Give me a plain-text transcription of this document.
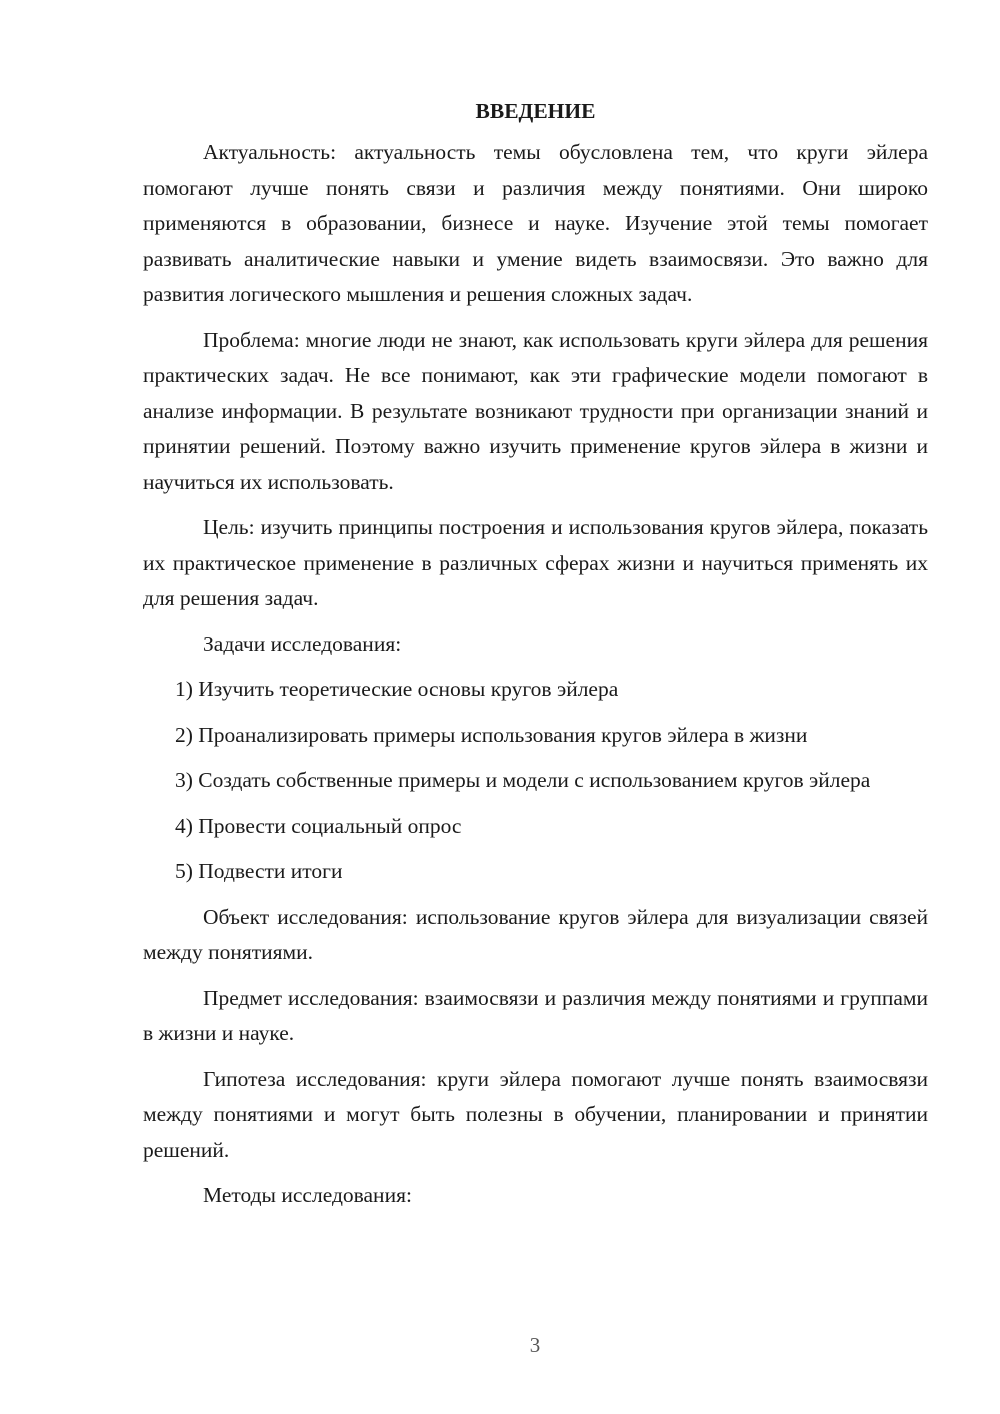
ВВЕДЕНИЕ

Актуальность: актуальность темы обусловлена тем, что круги эйлера помогают лучше понять связи и различия между понятиями. Они широко применяются в образовании, бизнесе и науке. Изучение этой темы помогает развивать аналитические навыки и умение видеть взаимосвязи. Это важно для развития логического мышления и решения сложных задач.

Проблема: многие люди не знают, как использовать круги эйлера для решения практических задач. Не все понимают, как эти графические модели помогают в анализе информации. В результате возникают трудности при организации знаний и принятии решений. Поэтому важно изучить применение кругов эйлера в жизни и научиться их использовать.

Цель: изучить принципы построения и использования кругов эйлера, показать их практическое применение в различных сферах жизни и научиться применять их для решения задач.

Задачи исследования:

1) Изучить теоретические основы кругов эйлера

2) Проанализировать примеры использования кругов эйлера в жизни

3) Создать собственные примеры и модели с использованием кругов эйлера

4) Провести социальный опрос

5) Подвести итоги

Объект исследования: использование кругов эйлера для визуализации связей между понятиями.

Предмет исследования: взаимосвязи и различия между понятиями и группами в жизни и науке.

Гипотеза исследования: круги эйлера помогают лучше понять взаимосвязи между понятиями и могут быть полезны в обучении, планировании и принятии решений.

Методы исследования:

3
